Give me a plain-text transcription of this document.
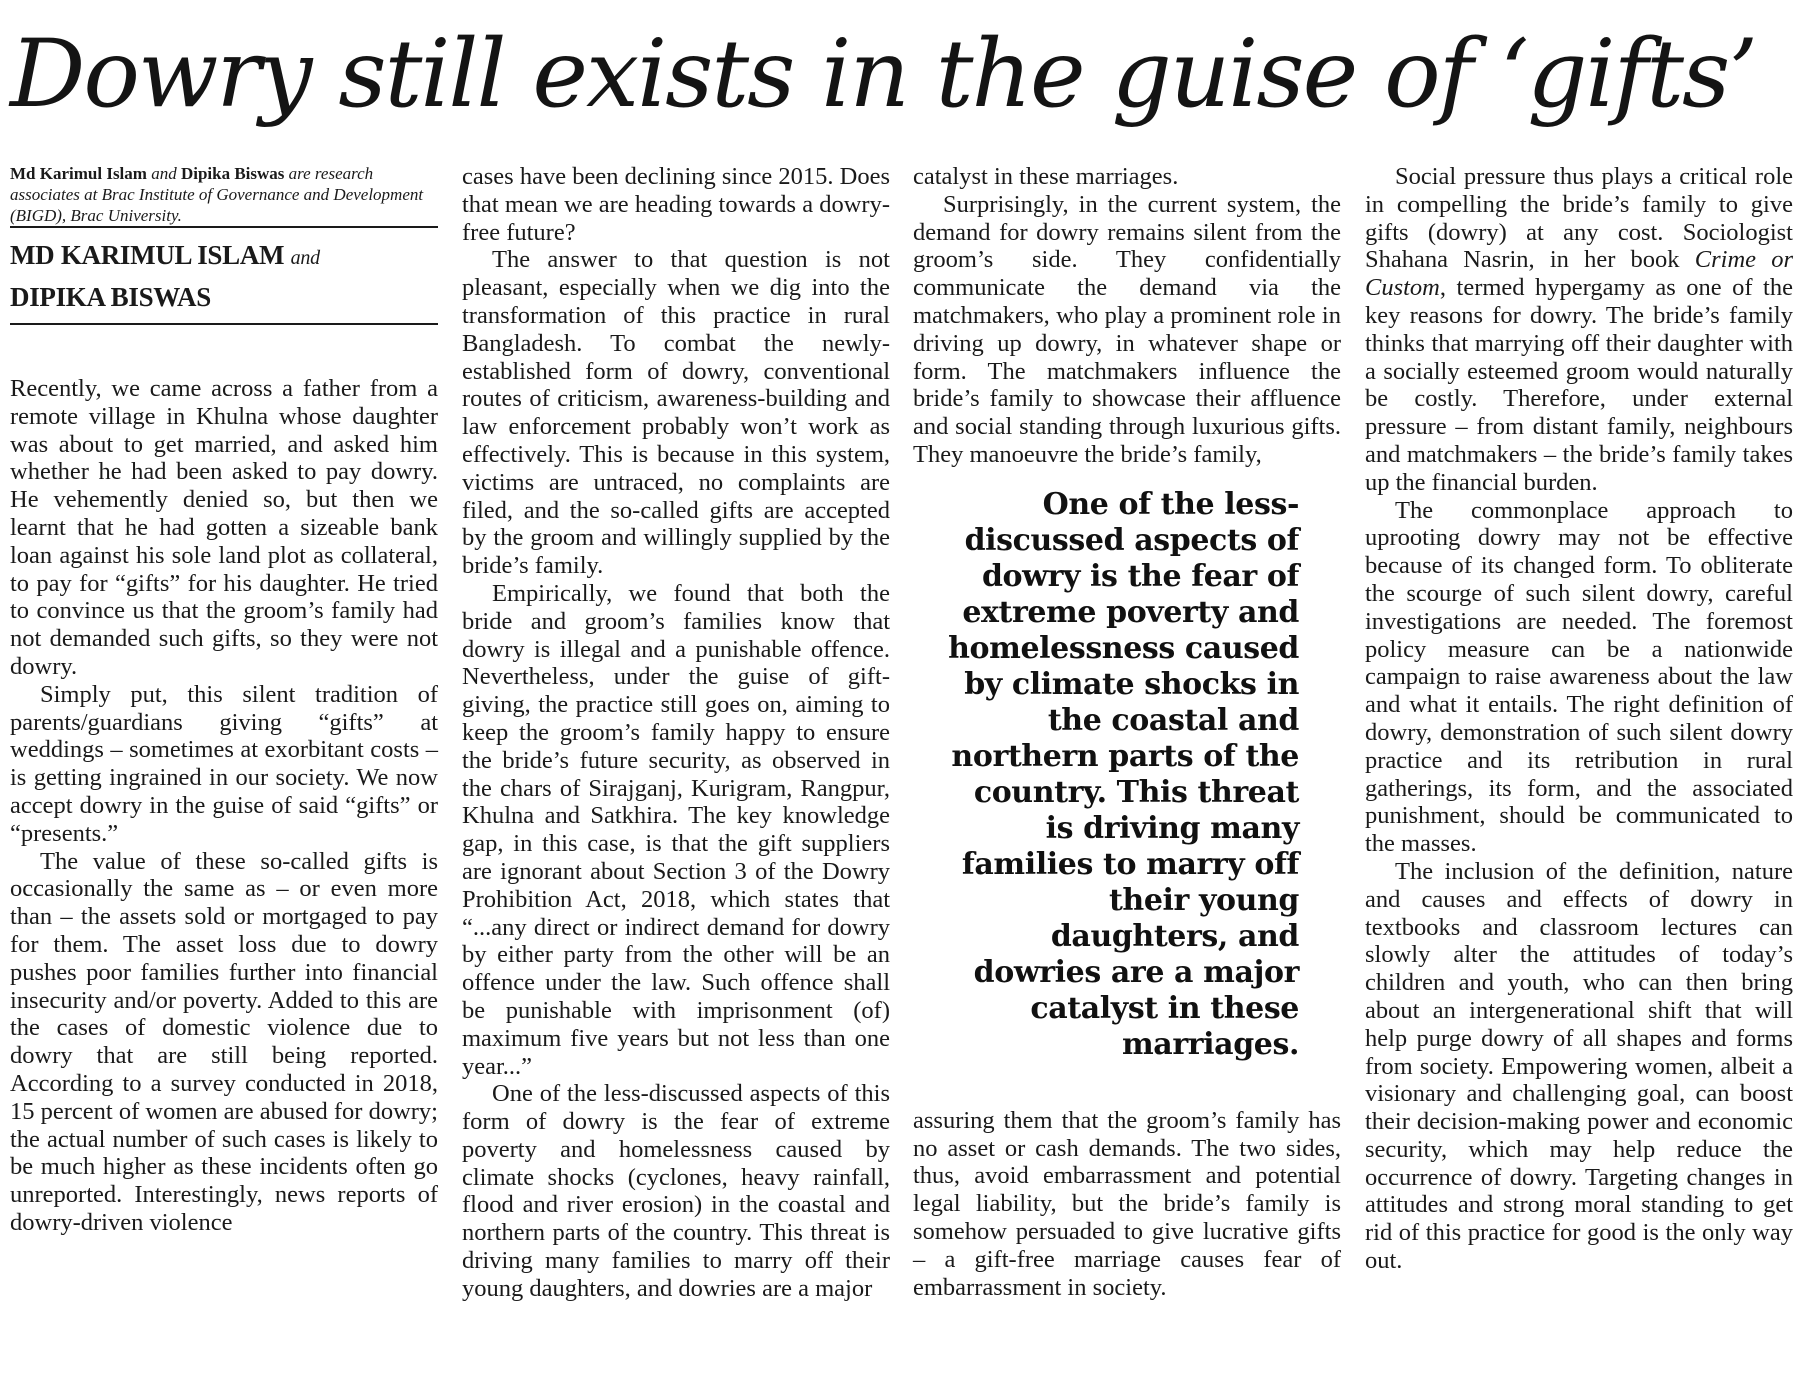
Dowry still exists in the guise of ‘gifts’

Md Karimul Islam and Dipika Biswas are research associates at Brac Institute of Governance and Development (BIGD), Brac University.

MD KARIMUL ISLAM and
DIPIKA BISWAS

Recently, we came across a father from a remote village in Khulna whose daughter was about to get married, and asked him whether he had been asked to pay dowry. He vehemently denied so, but then we learnt that he had gotten a sizeable bank loan against his sole land plot as collateral, to pay for “gifts” for his daughter. He tried to convince us that the groom’s family had not demanded such gifts, so they were not dowry.

Simply put, this silent tradition of parents/guardians giving “gifts” at weddings – sometimes at exorbitant costs – is getting ingrained in our society. We now accept dowry in the guise of said “gifts” or “presents.”

The value of these so-called gifts is occasionally the same as – or even more than – the assets sold or mortgaged to pay for them. The asset loss due to dowry pushes poor families further into financial insecurity and/or poverty. Added to this are the cases of domestic violence due to dowry that are still being reported. According to a survey conducted in 2018, 15 percent of women are abused for dowry; the actual number of such cases is likely to be much higher as these incidents often go unreported. Interestingly, news reports of dowry-driven violence

cases have been declining since 2015. Does that mean we are heading towards a dowry-free future?

The answer to that question is not pleasant, especially when we dig into the transformation of this practice in rural Bangladesh. To combat the newly-established form of dowry, conventional routes of criticism, awareness-building and law enforcement probably won’t work as effectively. This is because in this system, victims are untraced, no complaints are filed, and the so-called gifts are accepted by the groom and willingly supplied by the bride’s family.

Empirically, we found that both the bride and groom’s families know that dowry is illegal and a punishable offence. Nevertheless, under the guise of gift-giving, the practice still goes on, aiming to keep the groom’s family happy to ensure the bride’s future security, as observed in the chars of Sirajganj, Kurigram, Rangpur, Khulna and Satkhira. The key knowledge gap, in this case, is that the gift suppliers are ignorant about Section 3 of the Dowry Prohibition Act, 2018, which states that “...any direct or indirect demand for dowry by either party from the other will be an offence under the law. Such offence shall be punishable with imprisonment (of) maximum five years but not less than one year...”

One of the less-discussed aspects of this form of dowry is the fear of extreme poverty and homelessness caused by climate shocks (cyclones, heavy rainfall, flood and river erosion) in the coastal and northern parts of the country. This threat is driving many families to marry off their young daughters, and dowries are a major

catalyst in these marriages.

Surprisingly, in the current system, the demand for dowry remains silent from the groom’s side. They confidentially communicate the demand via the matchmakers, who play a prominent role in driving up dowry, in whatever shape or form. The matchmakers influence the bride’s family to showcase their affluence and social standing through luxurious gifts. They manoeuvre the bride’s family,

One of the less-discussed aspects of dowry is the fear of extreme poverty and homelessness caused by climate shocks in the coastal and northern parts of the country. This threat is driving many families to marry off their young daughters, and dowries are a major catalyst in these marriages.

assuring them that the groom’s family has no asset or cash demands. The two sides, thus, avoid embarrassment and potential legal liability, but the bride’s family is somehow persuaded to give lucrative gifts – a gift-free marriage causes fear of embarrassment in society.

Social pressure thus plays a critical role in compelling the bride’s family to give gifts (dowry) at any cost. Sociologist Shahana Nasrin, in her book Crime or Custom, termed hypergamy as one of the key reasons for dowry. The bride’s family thinks that marrying off their daughter with a socially esteemed groom would naturally be costly. Therefore, under external pressure – from distant family, neighbours and matchmakers – the bride’s family takes up the financial burden.

The commonplace approach to uprooting dowry may not be effective because of its changed form. To obliterate the scourge of such silent dowry, careful investigations are needed. The foremost policy measure can be a nationwide campaign to raise awareness about the law and what it entails. The right definition of dowry, demonstration of such silent dowry practice and its retribution in rural gatherings, its form, and the associated punishment, should be communicated to the masses.

The inclusion of the definition, nature and causes and effects of dowry in textbooks and classroom lectures can slowly alter the attitudes of today’s children and youth, who can then bring about an intergenerational shift that will help purge dowry of all shapes and forms from society. Empowering women, albeit a visionary and challenging goal, can boost their decision-making power and economic security, which may help reduce the occurrence of dowry. Targeting changes in attitudes and strong moral standing to get rid of this practice for good is the only way out.
